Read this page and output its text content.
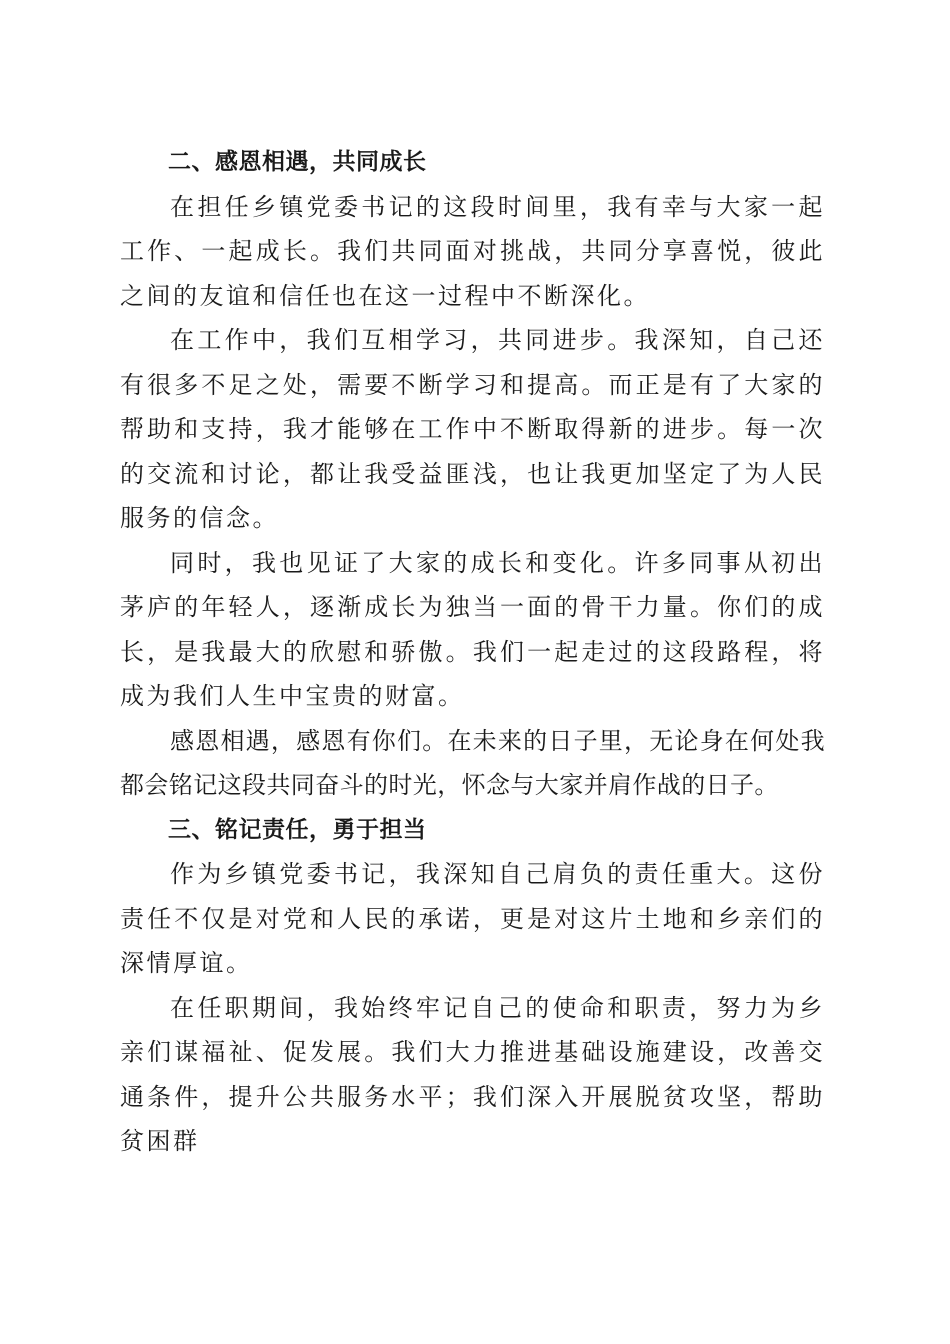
二、感恩相遇，共同成长

在担任乡镇党委书记的这段时间里，我有幸与大家一起工作、一起成长。我们共同面对挑战，共同分享喜悦，彼此之间的友谊和信任也在这一过程中不断深化。

在工作中，我们互相学习，共同进步。我深知，自己还有很多不足之处，需要不断学习和提高。而正是有了大家的帮助和支持，我才能够在工作中不断取得新的进步。每一次的交流和讨论，都让我受益匪浅，也让我更加坚定了为人民服务的信念。

同时，我也见证了大家的成长和变化。许多同事从初出茅庐的年轻人，逐渐成长为独当一面的骨干力量。你们的成长，是我最大的欣慰和骄傲。我们一起走过的这段路程，将成为我们人生中宝贵的财富。

感恩相遇，感恩有你们。在未来的日子里，无论身在何处我都会铭记这段共同奋斗的时光，怀念与大家并肩作战的日子。

三、铭记责任，勇于担当

作为乡镇党委书记，我深知自己肩负的责任重大。这份责任不仅是对党和人民的承诺，更是对这片土地和乡亲们的深情厚谊。

在任职期间，我始终牢记自己的使命和职责，努力为乡亲们谋福祉、促发展。我们大力推进基础设施建设，改善交通条件，提升公共服务水平；我们深入开展脱贫攻坚，帮助贫困群
